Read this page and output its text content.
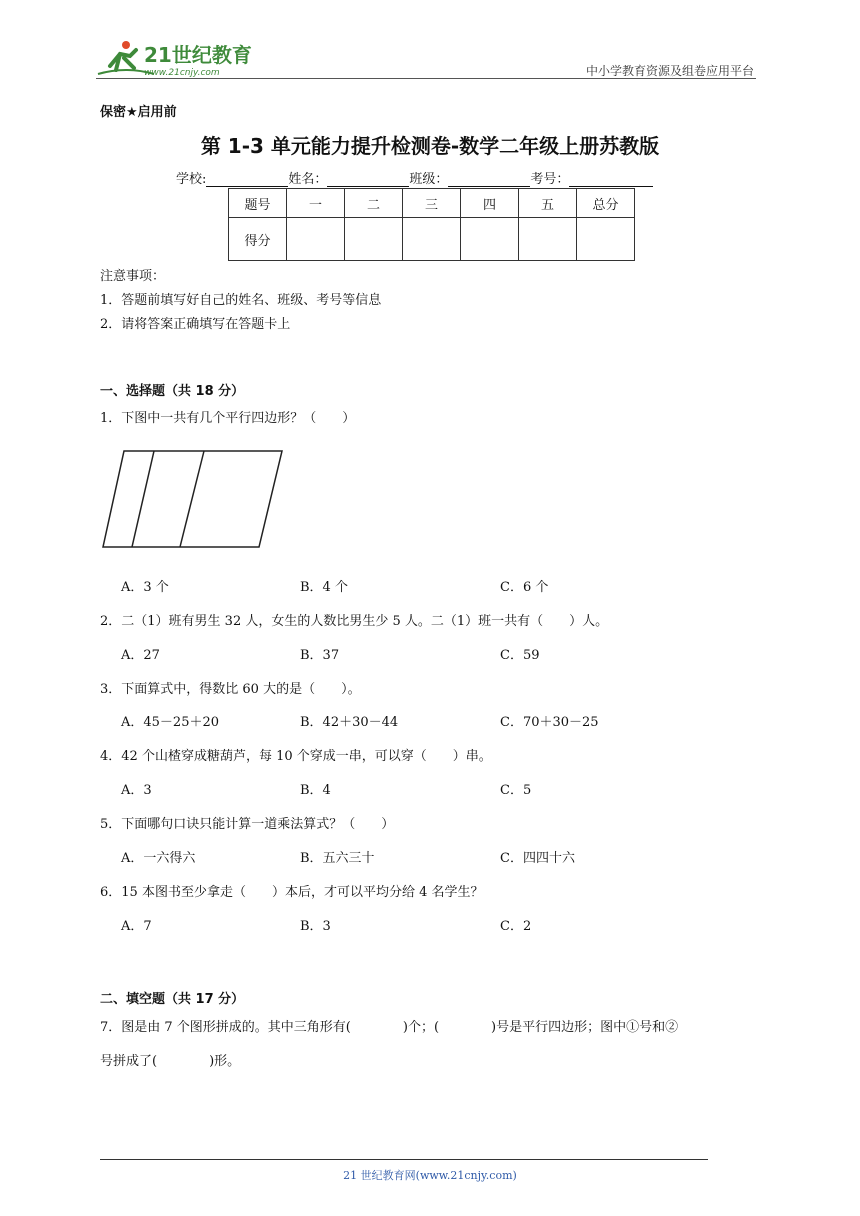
21世纪教育
www.21cnjy.com	中小学教育资源及组卷应用平台
保密★启用前
第 1-3 单元能力提升检测卷-数学二年级上册苏教版
学校:	姓名：	班级：	考号：
题号	一	二	三	四	五	总分
得分						
注意事项：
1．答题前填写好自己的姓名、班级、考号等信息
2．请将答案正确填写在答题卡上
一、选择题（共 18 分）
1．下图中一共有几个平行四边形？（　　）
A．3 个	B．4 个	C．6 个
2．二（1）班有男生 32 人，女生的人数比男生少 5 人。二（1）班一共有（　　）人。
A．27	B．37	C．59
3．下面算式中，得数比 60 大的是（　　）。
A．45－25＋20	B．42＋30－44	C．70＋30－25
4．42 个山楂穿成糖葫芦，每 10 个穿成一串，可以穿（　　）串。
A．3	B．4	C．5
5．下面哪句口诀只能计算一道乘法算式？（　　）
A．一六得六	B．五六三十	C．四四十六
6．15 本图书至少拿走（　　）本后，才可以平均分给 4 名学生？
A．7	B．3	C．2
二、填空题（共 17 分）
7．图是由 7 个图形拼成的。其中三角形有(　　　　)个；(　　　　)号是平行四边形；图中①号和②
号拼成了(　　　　)形。
21 世纪教育网(www.21cnjy.com)
